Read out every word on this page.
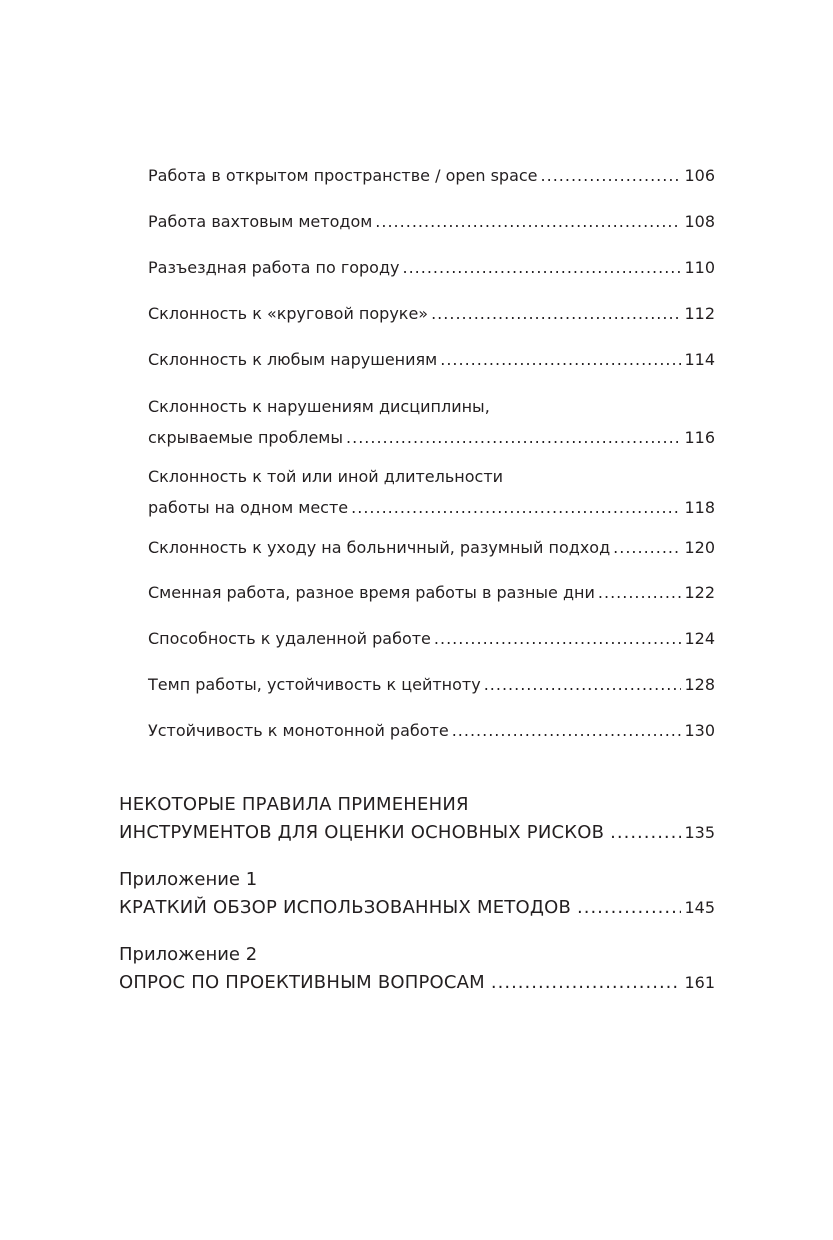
Работа в открытом пространстве / open space .....	106
Работа вахтовым методом .....	108
Разъездная работа по городу .....	110
Склонность к «круговой поруке» .....	112
Склонность к любым нарушениям .....	114
Склонность к нарушениям дисциплины,
скрываемые проблемы .....	116
Склонность к той или иной длительности
работы на одном месте .....	118
Склонность к уходу на больничный, разумный подход .....	120
Сменная работа, разное время работы в разные дни .....	122
Способность к удаленной работе .....	124
Темп работы, устойчивость к цейтноту .....	128
Устойчивость к монотонной работе .....	130
НЕКОТОРЫЕ ПРАВИЛА ПРИМЕНЕНИЯ
ИНСТРУМЕНТОВ ДЛЯ ОЦЕНКИ ОСНОВНЫХ РИСКОВ .....	135
Приложение 1
КРАТКИЙ ОБЗОР ИСПОЛЬЗОВАННЫХ МЕТОДОВ .....	145
Приложение 2
ОПРОС ПО ПРОЕКТИВНЫМ ВОПРОСАМ .....	161
